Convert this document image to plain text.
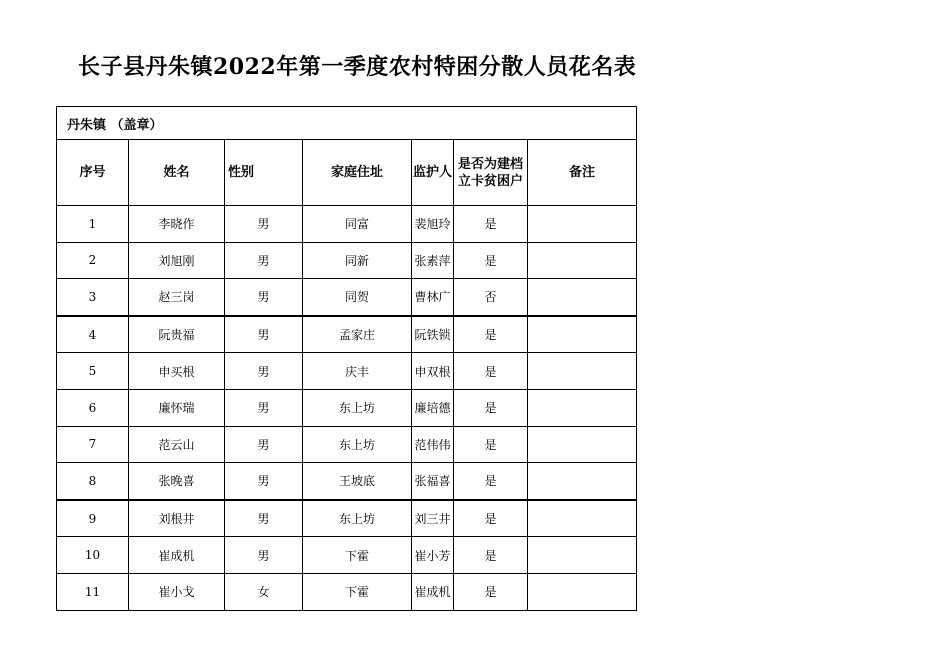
长子县丹朱镇2022年第一季度农村特困分散人员花名表
丹朱镇 （盖章）						
序号	姓名	性别	家庭住址	监护人	是否为建档立卡贫困户	备注
1	李晓作	男	同富	裴旭玲	是	
2	刘旭刚	男	同新	张素萍	是	
3	赵三岗	男	同贺	曹林广	否	
4	阮贵福	男	孟家庄	阮铁锁	是	
5	申买根	男	庆丰	申双根	是	
6	廉怀瑞	男	东上坊	廉培德	是	
7	范云山	男	东上坊	范伟伟	是	
8	张晚喜	男	王坡底	张福喜	是	
9	刘根井	男	东上坊	刘三井	是	
10	崔成机	男	下霍	崔小芳	是	
11	崔小戈	女	下霍	崔成机	是	
